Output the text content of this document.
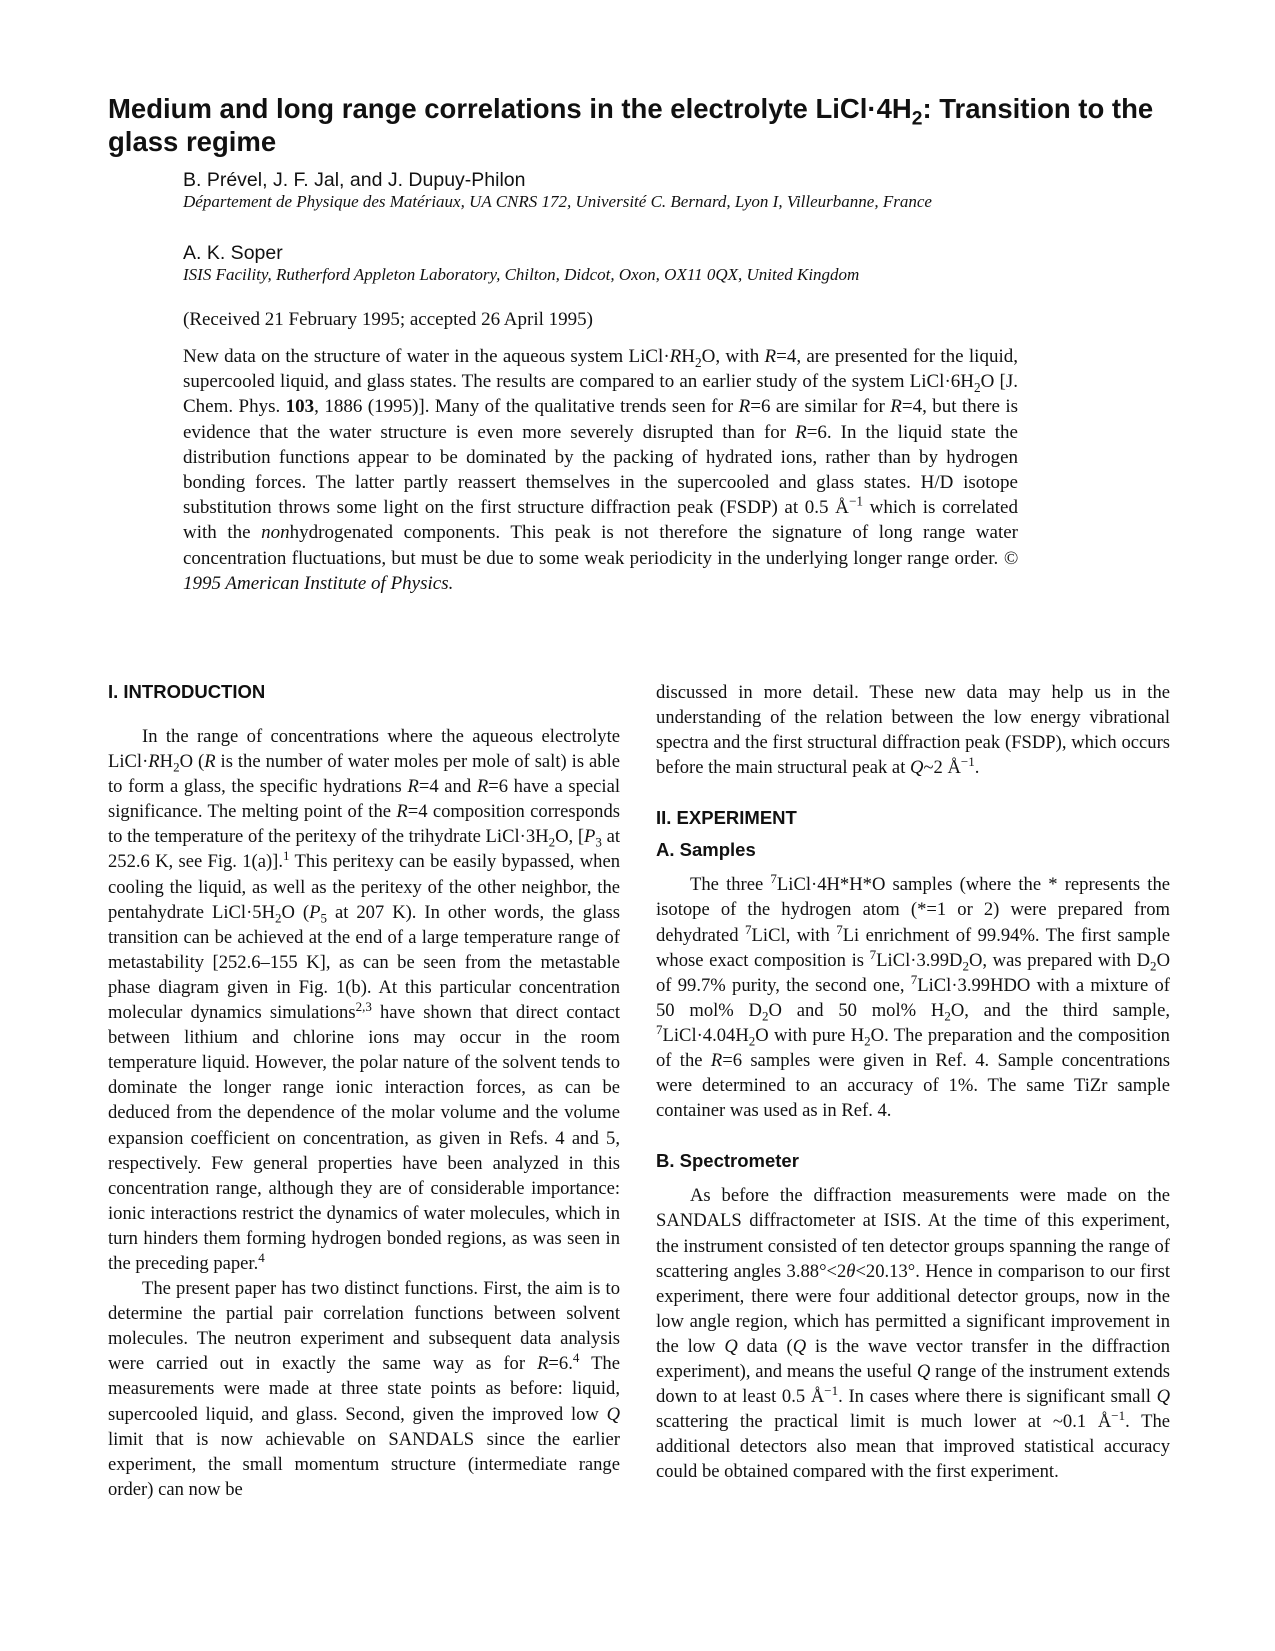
Medium and long range correlations in the electrolyte $LiCl\cdot 4H_2$: Transition to the glass regime
B. Prével, J. F. Jal, and J. Dupuy-Philon
Département de Physique des Matériaux, UA CNRS 172, Université C. Bernard, Lyon I, Villeurbanne, France
A. K. Soper
ISIS Facility, Rutherford Appleton Laboratory, Chilton, Didcot, Oxon, OX11 0QX, United Kingdom
(Received 21 February 1995; accepted 26 April 1995)

New data on the structure of water in the aqueous system $LiCl\cdot RH_2O$, with R=4, are presented for the liquid, supercooled liquid, and glass states. The results are compared to an earlier study of the system $LiCl\cdot 6H_2O$ [J. Chem. Phys. 103, 1886 (1995)]. Many of the qualitative trends seen for R=6 are similar for R=4, but there is evidence that the water structure is even more severely disrupted than for R=6. In the liquid state the distribution functions appear to be dominated by the packing of hydrated ions, rather than by hydrogen bonding forces. The latter partly reassert themselves in the supercooled and glass states. H/D isotope substitution throws some light on the first structure diffraction peak (FSDP) at 0.5 $Å^{-1}$ which is correlated with the nonhydrogenated components. This peak is not therefore the signature of long range water concentration fluctuations, but must be due to some weak periodicity in the underlying longer range order. © 1995 American Institute of Physics.

I. INTRODUCTION

In the range of concentrations where the aqueous electrolyte $LiCl\cdot RH_2O$ (R is the number of water moles per mole of salt) is able to form a glass, the specific hydrations R=4 and R=6 have a special significance. The melting point of the R=4 composition corresponds to the temperature of the peritexy of the trihydrate $LiCl\cdot 3H_2O$, [$P_3$ at 252.6 K, see Fig. 1(a)].$^1$ This peritexy can be easily bypassed, when cooling the liquid, as well as the peritexy of the other neighbor, the pentahydrate $LiCl\cdot 5H_2O$ ($P_5$ at 207 K). In other words, the glass transition can be achieved at the end of a large temperature range of metastability [252.6–155 K], as can be seen from the metastable phase diagram given in Fig. 1(b). At this particular concentration molecular dynamics simulations$^{2,3}$ have shown that direct contact between lithium and chlorine ions may occur in the room temperature liquid. However, the polar nature of the solvent tends to dominate the longer range ionic interaction forces, as can be deduced from the dependence of the molar volume and the volume expansion coefficient on concentration, as given in Refs. 4 and 5, respectively. Few general properties have been analyzed in this concentration range, although they are of considerable importance: ionic interactions restrict the dynamics of water molecules, which in turn hinders them forming hydrogen bonded regions, as was seen in the preceding paper.$^4$

The present paper has two distinct functions. First, the aim is to determine the partial pair correlation functions between solvent molecules. The neutron experiment and subsequent data analysis were carried out in exactly the same way as for R=6.$^4$ The measurements were made at three state points as before: liquid, supercooled liquid, and glass. Second, given the improved low Q limit that is now achievable on SANDALS since the earlier experiment, the small momentum structure (intermediate range order) can now be

discussed in more detail. These new data may help us in the understanding of the relation between the low energy vibrational spectra and the first structural diffraction peak (FSDP), which occurs before the main structural peak at Q~2 $Å^{-1}$.

II. EXPERIMENT
A. Samples

The three $^7$LiCl·4H*H*O samples (where the * represents the isotope of the hydrogen atom (*=1 or 2) were prepared from dehydrated $^7$LiCl, with $^7$Li enrichment of 99.94%. The first sample whose exact composition is $^7LiCl\cdot 3.99D_2O$, was prepared with $D_2O$ of 99.7% purity, the second one, $^7$LiCl·3.99HDO with a mixture of 50 mol% $D_2O$ and 50 mol% $H_2O$, and the third sample, $^7LiCl\cdot 4.04H_2O$ with pure $H_2O$. The preparation and the composition of the R=6 samples were given in Ref. 4. Sample concentrations were determined to an accuracy of 1%. The same TiZr sample container was used as in Ref. 4.

B. Spectrometer

As before the diffraction measurements were made on the SANDALS diffractometer at ISIS. At the time of this experiment, the instrument consisted of ten detector groups spanning the range of scattering angles 3.88°<2θ<20.13°. Hence in comparison to our first experiment, there were four additional detector groups, now in the low angle region, which has permitted a significant improvement in the low Q data (Q is the wave vector transfer in the diffraction experiment), and means the useful Q range of the instrument extends down to at least 0.5 $Å^{-1}$. In cases where there is significant small Q scattering the practical limit is much lower at ~0.1 $Å^{-1}$. The additional detectors also mean that improved statistical accuracy could be obtained compared with the first experiment.
